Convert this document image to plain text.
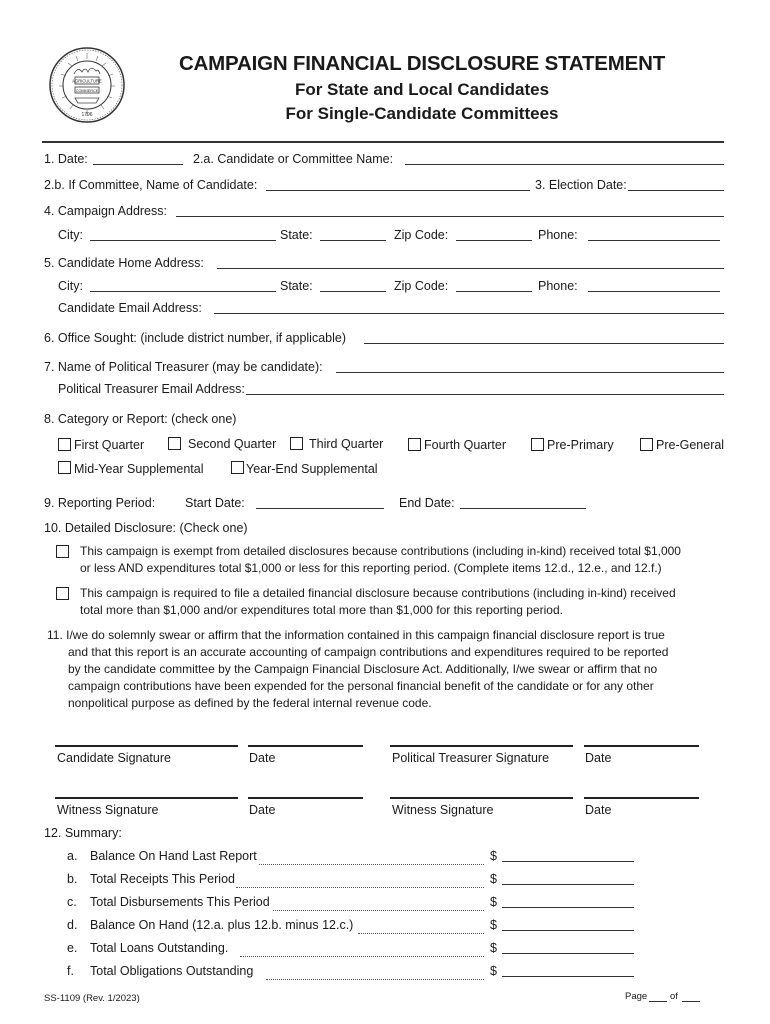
AGRICULTURE
COMMERCE
1796
CAMPAIGN FINANCIAL DISCLOSURE STATEMENT
For State and Local Candidates
For Single-Candidate Committees
1. Date:	2.a. Candidate or Committee Name:
2.b. If Committee, Name of Candidate:	3. Election Date:
4. Campaign Address:
City:	State:	Zip Code:	Phone:
5. Candidate Home Address:
City:	State:	Zip Code:	Phone:
Candidate Email Address:
6. Office Sought: (include district number, if applicable)
7. Name of Political Treasurer (may be candidate):
Political Treasurer Email Address:
8. Category or Report: (check one)
First Quarter	Second Quarter	Third Quarter	Fourth Quarter	Pre-Primary	Pre-General
Mid-Year Supplemental	Year-End Supplemental
9. Reporting Period: Start Date:	End Date:
10. Detailed Disclosure: (Check one)
This campaign is exempt from detailed disclosures because contributions (including in-kind) received total $1,000
or less AND expenditures total $1,000 or less for this reporting period. (Complete items 12.d., 12.e., and 12.f.)
This campaign is required to file a detailed financial disclosure because contributions (including in-kind) received
total more than $1,000 and/or expenditures total more than $1,000 for this reporting period.
11. I/we do solemnly swear or affirm that the information contained in this campaign financial disclosure report is true
and that this report is an accurate accounting of campaign contributions and expenditures required to be reported
by the candidate committee by the Campaign Financial Disclosure Act. Additionally, I/we swear or affirm that no
campaign contributions have been expended for the personal financial benefit of the candidate or for any other
nonpolitical purpose as defined by the federal internal revenue code.
Candidate Signature	Date	Political Treasurer Signature	Date
Witness Signature	Date	Witness Signature	Date
12. Summary:
a. Balance On Hand Last Report	$
b. Total Receipts This Period	$
c. Total Disbursements This Period	$
d. Balance On Hand (12.a. plus 12.b. minus 12.c.)	$
e. Total Loans Outstanding.	$
f. Total Obligations Outstanding	$
SS-1109 (Rev. 1/2023)	Page of
